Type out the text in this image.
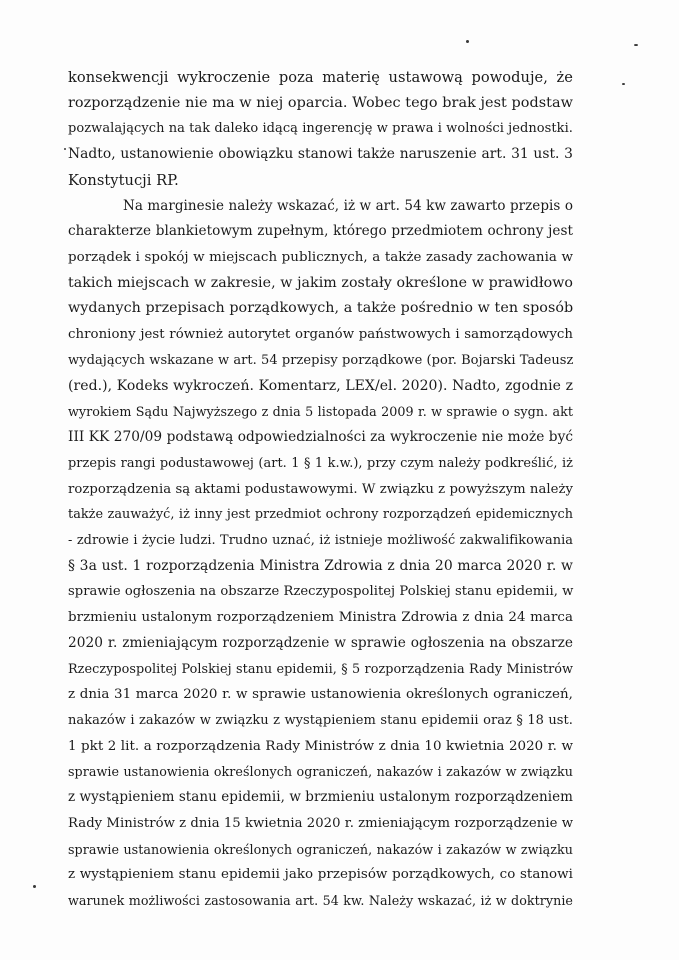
konsekwencji wykroczenie poza materię ustawową powoduje, że
rozporządzenie nie ma w niej oparcia. Wobec tego brak jest podstaw
pozwalających na tak daleko idącą ingerencję w prawa i wolności jednostki.
Nadto, ustanowienie obowiązku stanowi także naruszenie art. 31 ust. 3
Konstytucji RP.
Na marginesie należy wskazać, iż w art. 54 kw zawarto przepis o
charakterze blankietowym zupełnym, którego przedmiotem ochrony jest
porządek i spokój w miejscach publicznych, a także zasady zachowania w
takich miejscach w zakresie, w jakim zostały określone w prawidłowo
wydanych przepisach porządkowych, a także pośrednio w ten sposób
chroniony jest również autorytet organów państwowych i samorządowych
wydających wskazane w art. 54 przepisy porządkowe (por. Bojarski Tadeusz
(red.), Kodeks wykroczeń. Komentarz, LEX/el. 2020). Nadto, zgodnie z
wyrokiem Sądu Najwyższego z dnia 5 listopada 2009 r. w sprawie o sygn. akt
III KK 270/09 podstawą odpowiedzialności za wykroczenie nie może być
przepis rangi podustawowej (art. 1 § 1 k.w.), przy czym należy podkreślić, iż
rozporządzenia są aktami podustawowymi. W związku z powyższym należy
także zauważyć, iż inny jest przedmiot ochrony rozporządzeń epidemicznych
- zdrowie i życie ludzi. Trudno uznać, iż istnieje możliwość zakwalifikowania
§ 3a ust. 1 rozporządzenia Ministra Zdrowia z dnia 20 marca 2020 r. w
sprawie ogłoszenia na obszarze Rzeczypospolitej Polskiej stanu epidemii, w
brzmieniu ustalonym rozporządzeniem Ministra Zdrowia z dnia 24 marca
2020 r. zmieniającym rozporządzenie w sprawie ogłoszenia na obszarze
Rzeczypospolitej Polskiej stanu epidemii, § 5 rozporządzenia Rady Ministrów
z dnia 31 marca 2020 r. w sprawie ustanowienia określonych ograniczeń,
nakazów i zakazów w związku z wystąpieniem stanu epidemii oraz § 18 ust.
1 pkt 2 lit. a rozporządzenia Rady Ministrów z dnia 10 kwietnia 2020 r. w
sprawie ustanowienia określonych ograniczeń, nakazów i zakazów w związku
z wystąpieniem stanu epidemii, w brzmieniu ustalonym rozporządzeniem
Rady Ministrów z dnia 15 kwietnia 2020 r. zmieniającym rozporządzenie w
sprawie ustanowienia określonych ograniczeń, nakazów i zakazów w związku
z wystąpieniem stanu epidemii jako przepisów porządkowych, co stanowi
warunek możliwości zastosowania art. 54 kw. Należy wskazać, iż w doktrynie
